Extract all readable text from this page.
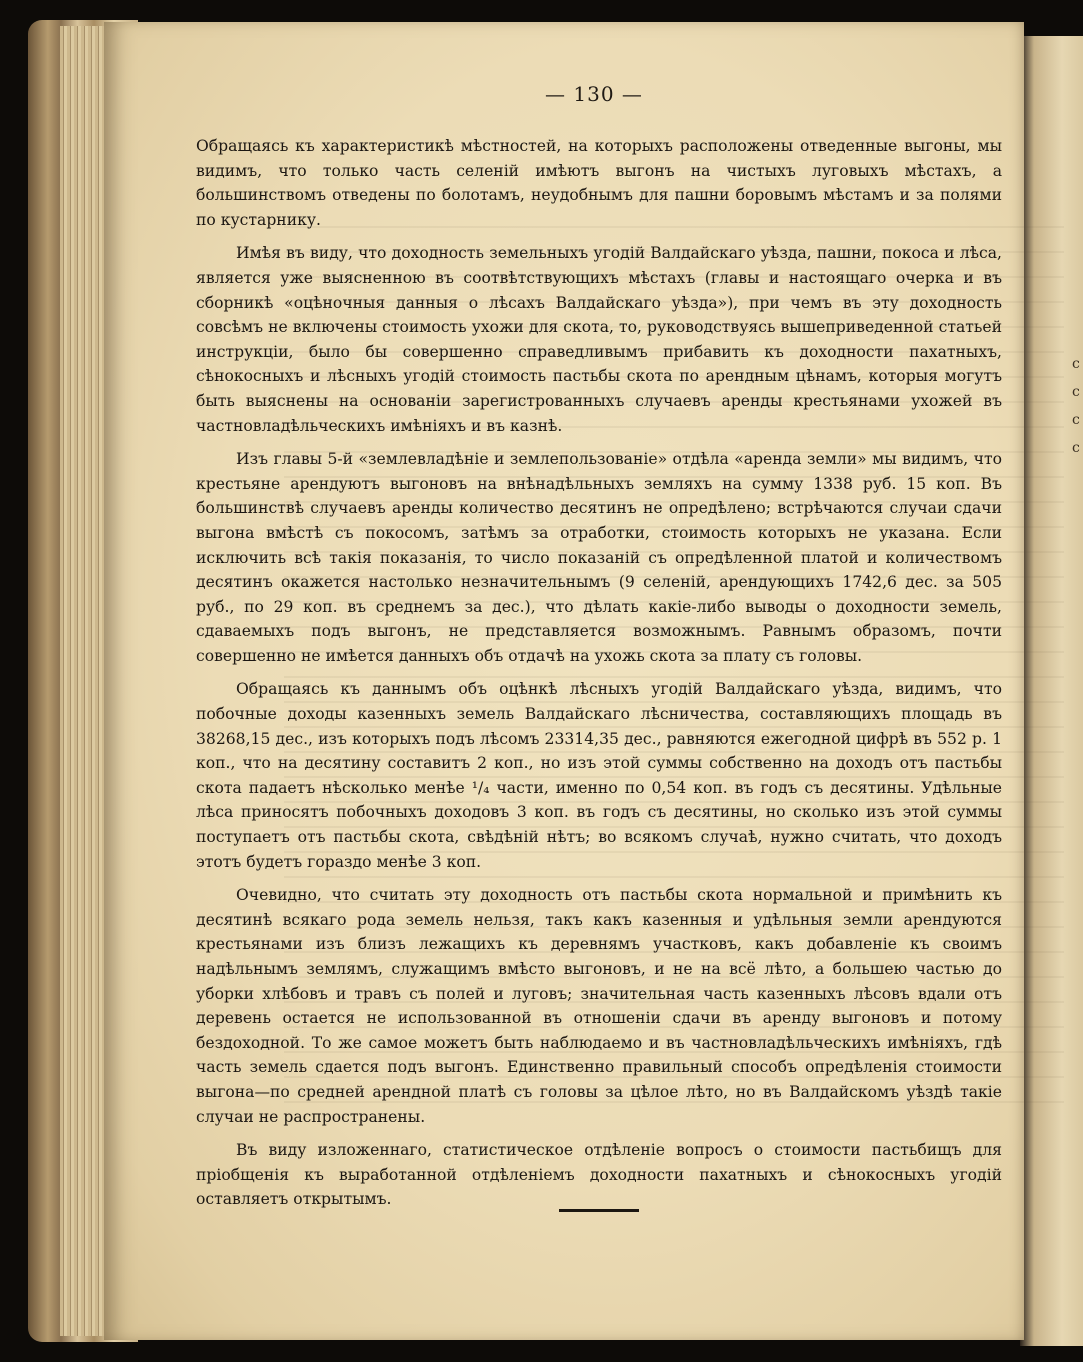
с
с
с
с
— 130 —

Обращаясь къ характеристикѣ мѣстностей, на которыхъ расположены отведенные выгоны, мы видимъ, что только часть селеній имѣютъ выгонъ на чистыхъ луговыхъ мѣстахъ, а большинствомъ отведены по болотамъ, неудобнымъ для пашни боровымъ мѣстамъ и за полями по кустарнику.

Имѣя въ виду, что доходность земельныхъ угодій Валдайскаго уѣзда, пашни, покоса и лѣса, является уже выясненною въ соотвѣтствующихъ мѣстахъ (главы и настоящаго очерка и въ сборникѣ «оцѣночныя данныя о лѣсахъ Валдайскаго уѣзда»), при чемъ въ эту доходность совсѣмъ не включены стоимость ухожи для скота, то, руководствуясь вышеприведенной статьей инструкціи, было бы совершенно справедливымъ прибавить къ доходности пахатныхъ, сѣнокосныхъ и лѣсныхъ угодій стоимость пастьбы скота по арендным цѣнамъ, которыя могутъ быть выяснены на основаніи зарегистрованныхъ случаевъ аренды крестьянами ухожей въ частновладѣльческихъ имѣніяхъ и въ казнѣ.

Изъ главы 5-й «землевладѣніе и землепользованіе» отдѣла «аренда земли» мы видимъ, что крестьяне арендуютъ выгоновъ на внѣнадѣльныхъ земляхъ на сумму 1338 руб. 15 коп. Въ большинствѣ случаевъ аренды количество десятинъ не опредѣлено; встрѣчаются случаи сдачи выгона вмѣстѣ съ покосомъ, затѣмъ за отработки, стоимость которыхъ не указана. Если исключить всѣ такія показанія, то число показаній съ опредѣленной платой и количествомъ десятинъ окажется настолько незначительнымъ (9 селеній, арендующихъ 1742,6 дес. за 505 руб., по 29 коп. въ среднемъ за дес.), что дѣлать какіе-либо выводы о доходности земель, сдаваемыхъ подъ выгонъ, не представляется возможнымъ. Равнымъ образомъ, почти совершенно не имѣется данныхъ объ отдачѣ на ухожь скота за плату съ головы.

Обращаясь къ даннымъ объ оцѣнкѣ лѣсныхъ угодій Валдайскаго уѣзда, видимъ, что побочные доходы казенныхъ земель Валдайскаго лѣсничества, составляющихъ площадь въ 38268,15 дес., изъ которыхъ подъ лѣсомъ 23314,35 дес., равняются ежегодной цифрѣ въ 552 р. 1 коп., что на десятину составитъ 2 коп., но изъ этой суммы собственно на доходъ отъ пастьбы скота падаетъ нѣсколько менѣе ¹/₄ части, именно по 0,54 коп. въ годъ съ десятины. Удѣльные лѣса приносятъ побочныхъ доходовъ 3 коп. въ годъ съ десятины, но сколько изъ этой суммы поступаетъ отъ пастьбы скота, свѣдѣній нѣтъ; во всякомъ случаѣ, нужно считать, что доходъ этотъ будетъ гораздо менѣе 3 коп.

Очевидно, что считать эту доходность отъ пастьбы скота нормальной и примѣнить къ десятинѣ всякаго рода земель нельзя, такъ какъ казенныя и удѣльныя земли арендуются крестьянами изъ близъ лежащихъ къ деревнямъ участковъ, какъ добавленіе къ своимъ надѣльнымъ землямъ, служащимъ вмѣсто выгоновъ, и не на всё лѣто, а большею частью до уборки хлѣбовъ и травъ съ полей и луговъ; значительная часть казенныхъ лѣсовъ вдали отъ деревень остается не использованной въ отношеніи сдачи въ аренду выгоновъ и потому бездоходной. То же самое можетъ быть наблюдаемо и въ частновладѣльческихъ имѣніяхъ, гдѣ часть земель сдается подъ выгонъ. Единственно правильный способъ опредѣленія стоимости выгона—по средней арендной платѣ съ головы за цѣлое лѣто, но въ Валдайскомъ уѣздѣ такіе случаи не распространены.

Въ виду изложеннаго, статистическое отдѣленіе вопросъ о стоимости пастьбищъ для пріобщенія къ выработанной отдѣленіемъ доходности пахатныхъ и сѣнокосныхъ угодій оставляетъ открытымъ.
